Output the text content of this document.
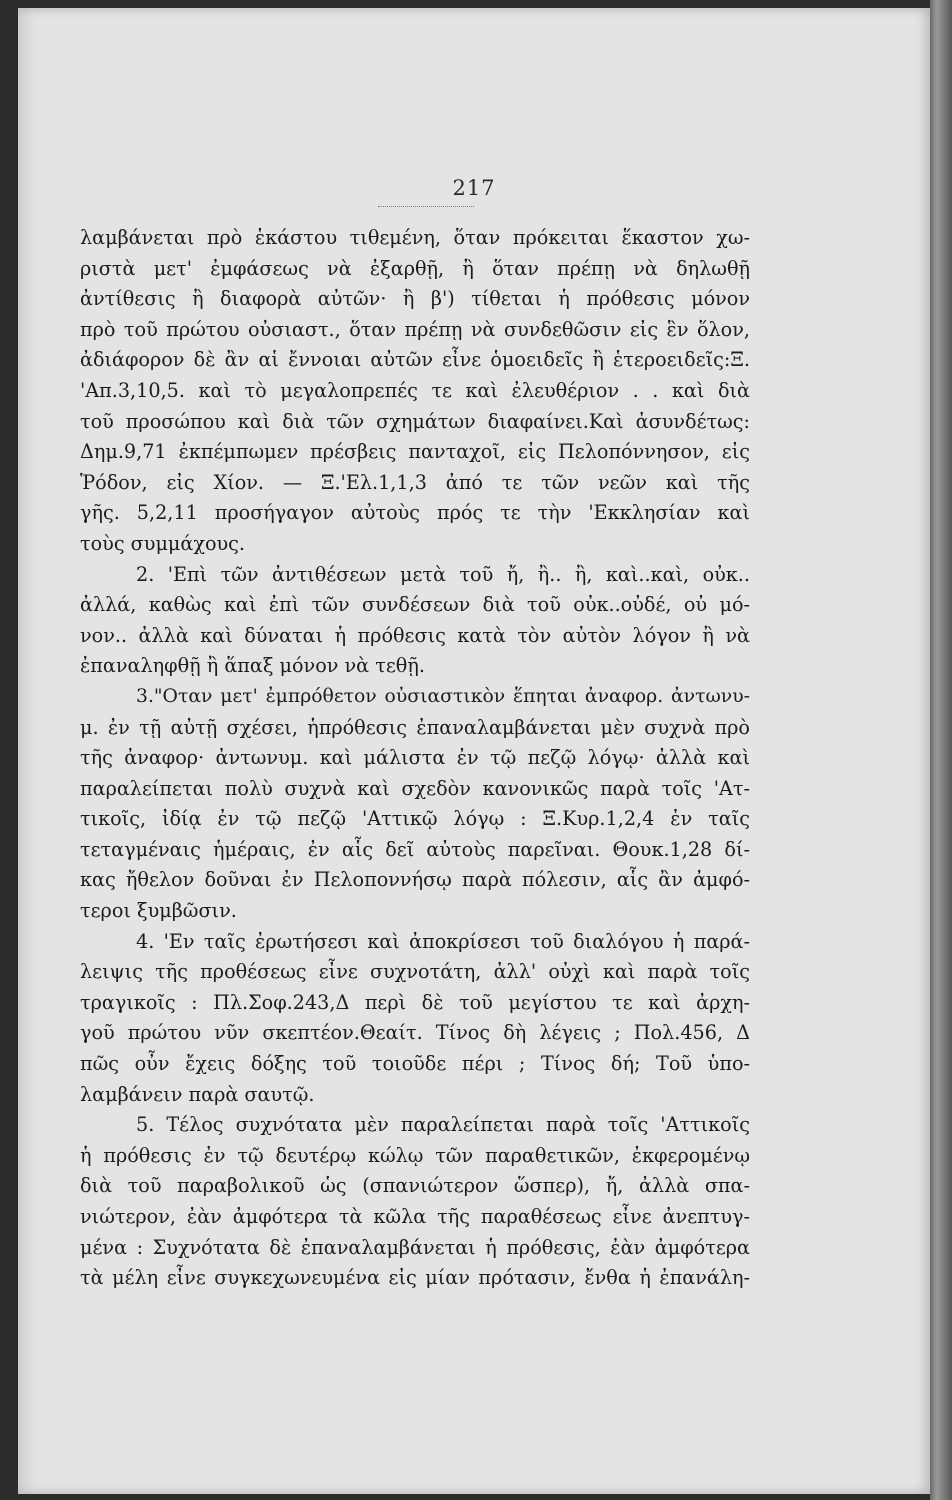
217
λαμβάνεται πρὸ ἑκάστου τιθεμένη, ὅταν πρόκειται ἕκαστον χω-
ριστὰ μετ' ἐμφάσεως νὰ ἐξαρθῇ, ἢ ὅταν πρέπῃ νὰ δηλωθῇ
ἀντίθεσις ἢ διαφορὰ αὐτῶν· ἢ β') τίθεται ἡ πρόθεσις μόνον
πρὸ τοῦ πρώτου οὐσιαστ., ὅταν πρέπῃ νὰ συνδεθῶσιν εἰς ἓν ὅλον,
ἀδιάφορον δὲ ἂν αἱ ἔννοιαι αὐτῶν εἶνε ὁμοειδεῖς ἢ ἑτεροειδεῖς:Ξ.
'Απ.3,10,5. καὶ τὸ μεγαλοπρεπές τε καὶ ἐλευθέριον . . καὶ διὰ
τοῦ προσώπου καὶ διὰ τῶν σχημάτων διαφαίνει.Καὶ ἀσυνδέτως:
Δημ.9,71 ἐκπέμπωμεν πρέσβεις πανταχοῖ, εἰς Πελοπόννησον, εἰς
Ῥόδον, εἰς Χίον. — Ξ.'Ελ.1,1,3 ἀπό τε τῶν νεῶν καὶ τῆς
γῆς. 5,2,11 προσήγαγον αὐτοὺς πρός τε τὴν 'Εκκλησίαν καὶ
τοὺς συμμάχους.
2. 'Επὶ τῶν ἀντιθέσεων μετὰ τοῦ ἤ, ἢ.. ἢ, καὶ..καὶ, οὐκ..
ἀλλά, καθὼς καὶ ἐπὶ τῶν συνδέσεων διὰ τοῦ οὐκ..οὐδέ, οὐ μό-
νον.. ἀλλὰ καὶ δύναται ἡ πρόθεσις κατὰ τὸν αὐτὸν λόγον ἢ νὰ
ἐπαναληφθῇ ἢ ἅπαξ μόνον νὰ τεθῇ.
3."Οταν μετ' ἐμπρόθετον οὐσιαστικὸν ἕπηται ἀναφορ. ἀντωνυ-
μ. ἐν τῇ αὐτῇ σχέσει, ἡπρόθεσις ἐπαναλαμβάνεται μὲν συχνὰ πρὸ
τῆς ἀναφορ· ἀντωνυμ. καὶ μάλιστα ἐν τῷ πεζῷ λόγῳ· ἀλλὰ καὶ
παραλείπεται πολὺ συχνὰ καὶ σχεδὸν κανονικῶς παρὰ τοῖς 'Ατ-
τικοῖς, ἰδίᾳ ἐν τῷ πεζῷ 'Αττικῷ λόγῳ : Ξ.Κυρ.1,2,4 ἐν ταῖς
τεταγμέναις ἡμέραις, ἐν αἷς δεῖ αὐτοὺς παρεῖναι. Θουκ.1,28 δί-
κας ἤθελον δοῦναι ἐν Πελοποννήσῳ παρὰ πόλεσιν, αἷς ἂν ἀμφό-
τεροι ξυμβῶσιν.
4. 'Εν ταῖς ἐρωτήσεσι καὶ ἀποκρίσεσι τοῦ διαλόγου ἡ παρά-
λειψις τῆς προθέσεως εἶνε συχνοτάτη, ἀλλ' οὐχὶ καὶ παρὰ τοῖς
τραγικοῖς : Πλ.Σοφ.243,Δ περὶ δὲ τοῦ μεγίστου τε καὶ ἀρχη-
γοῦ πρώτου νῦν σκεπτέον.Θεαίτ. Τίνος δὴ λέγεις ; Πολ.456, Δ
πῶς οὖν ἔχεις δόξης τοῦ τοιοῦδε πέρι ; Τίνος δή; Τοῦ ὑπο-
λαμβάνειν παρὰ σαυτῷ.
5. Τέλος συχνότατα μὲν παραλείπεται παρὰ τοῖς 'Αττικοῖς
ἡ πρόθεσις ἐν τῷ δευτέρῳ κώλῳ τῶν παραθετικῶν, ἐκφερομένῳ
διὰ τοῦ παραβολικοῦ ὡς (σπανιώτερον ὥσπερ), ἤ, ἀλλὰ σπα-
νιώτερον, ἐὰν ἀμφότερα τὰ κῶλα τῆς παραθέσεως εἶνε ἀνεπτυγ-
μένα : Συχνότατα δὲ ἐπαναλαμβάνεται ἡ πρόθεσις, ἐὰν ἀμφότερα
τὰ μέλη εἶνε συγκεχωνευμένα εἰς μίαν πρότασιν, ἔνθα ἡ ἐπανάλη-
